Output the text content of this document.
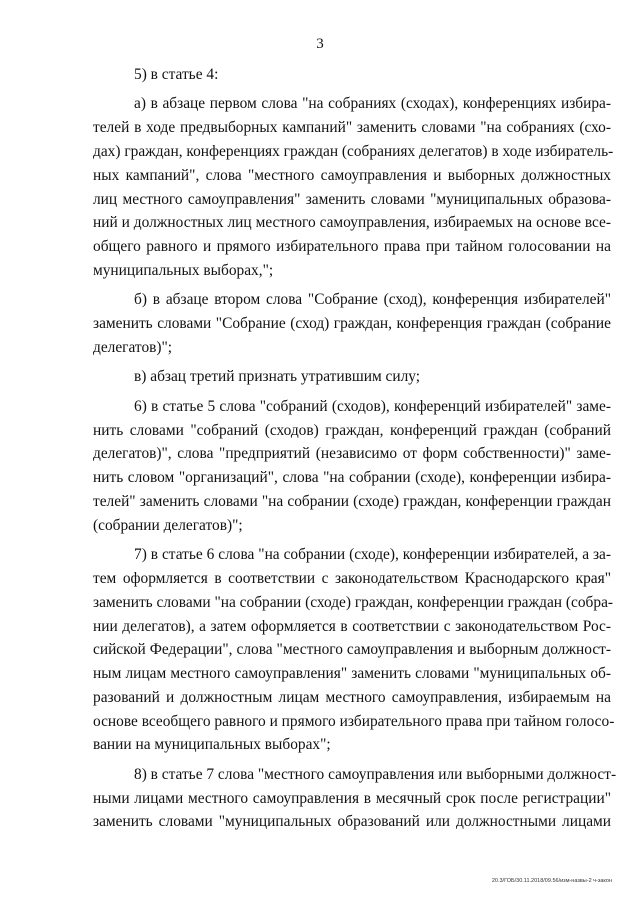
3
5) в статье 4:
а) в абзаце первом слова "на собраниях (сходах), конференциях избира-
телей в ходе предвыборных кампаний" заменить словами "на собраниях (схо-
дах) граждан, конференциях граждан (собраниях делегатов) в ходе избиратель-
ных кампаний", слова "местного самоуправления и выборных должностных
лиц местного самоуправления" заменить словами "муниципальных образова-
ний и должностных лиц местного самоуправления, избираемых на основе все-
общего равного и прямого избирательного права при тайном голосовании на
муниципальных выборах,";
б) в абзаце втором слова "Собрание (сход), конференция избирателей"
заменить словами "Собрание (сход) граждан, конференция граждан (собрание
делегатов)";
в) абзац третий признать утратившим силу;
6) в статье 5 слова "собраний (сходов), конференций избирателей" заме-
нить словами "собраний (сходов) граждан, конференций граждан (собраний
делегатов)", слова "предприятий (независимо от форм собственности)" заме-
нить словом "организаций", слова "на собрании (сходе), конференции избира-
телей" заменить словами "на собрании (сходе) граждан, конференции граждан
(собрании делегатов)";
7) в статье 6 слова "на собрании (сходе), конференции избирателей, а за-
тем оформляется в соответствии с законодательством Краснодарского края"
заменить словами "на собрании (сходе) граждан, конференции граждан (собра-
нии делегатов), а затем оформляется в соответствии с законодательством Рос-
сийской Федерации", слова "местного самоуправления и выборным должност-
ным лицам местного самоуправления" заменить словами "муниципальных об-
разований и должностным лицам местного самоуправления, избираемым на
основе всеобщего равного и прямого избирательного права при тайном голосо-
вании на муниципальных выборах";
8) в статье 7 слова "местного самоуправления или выборными должност-
ными лицами местного самоуправления в месячный срок после регистрации"
заменить словами "муниципальных образований или должностными лицами
20.3/ГОБ/30.11.2018/09.56/изм-назвы-2 ч-закон
